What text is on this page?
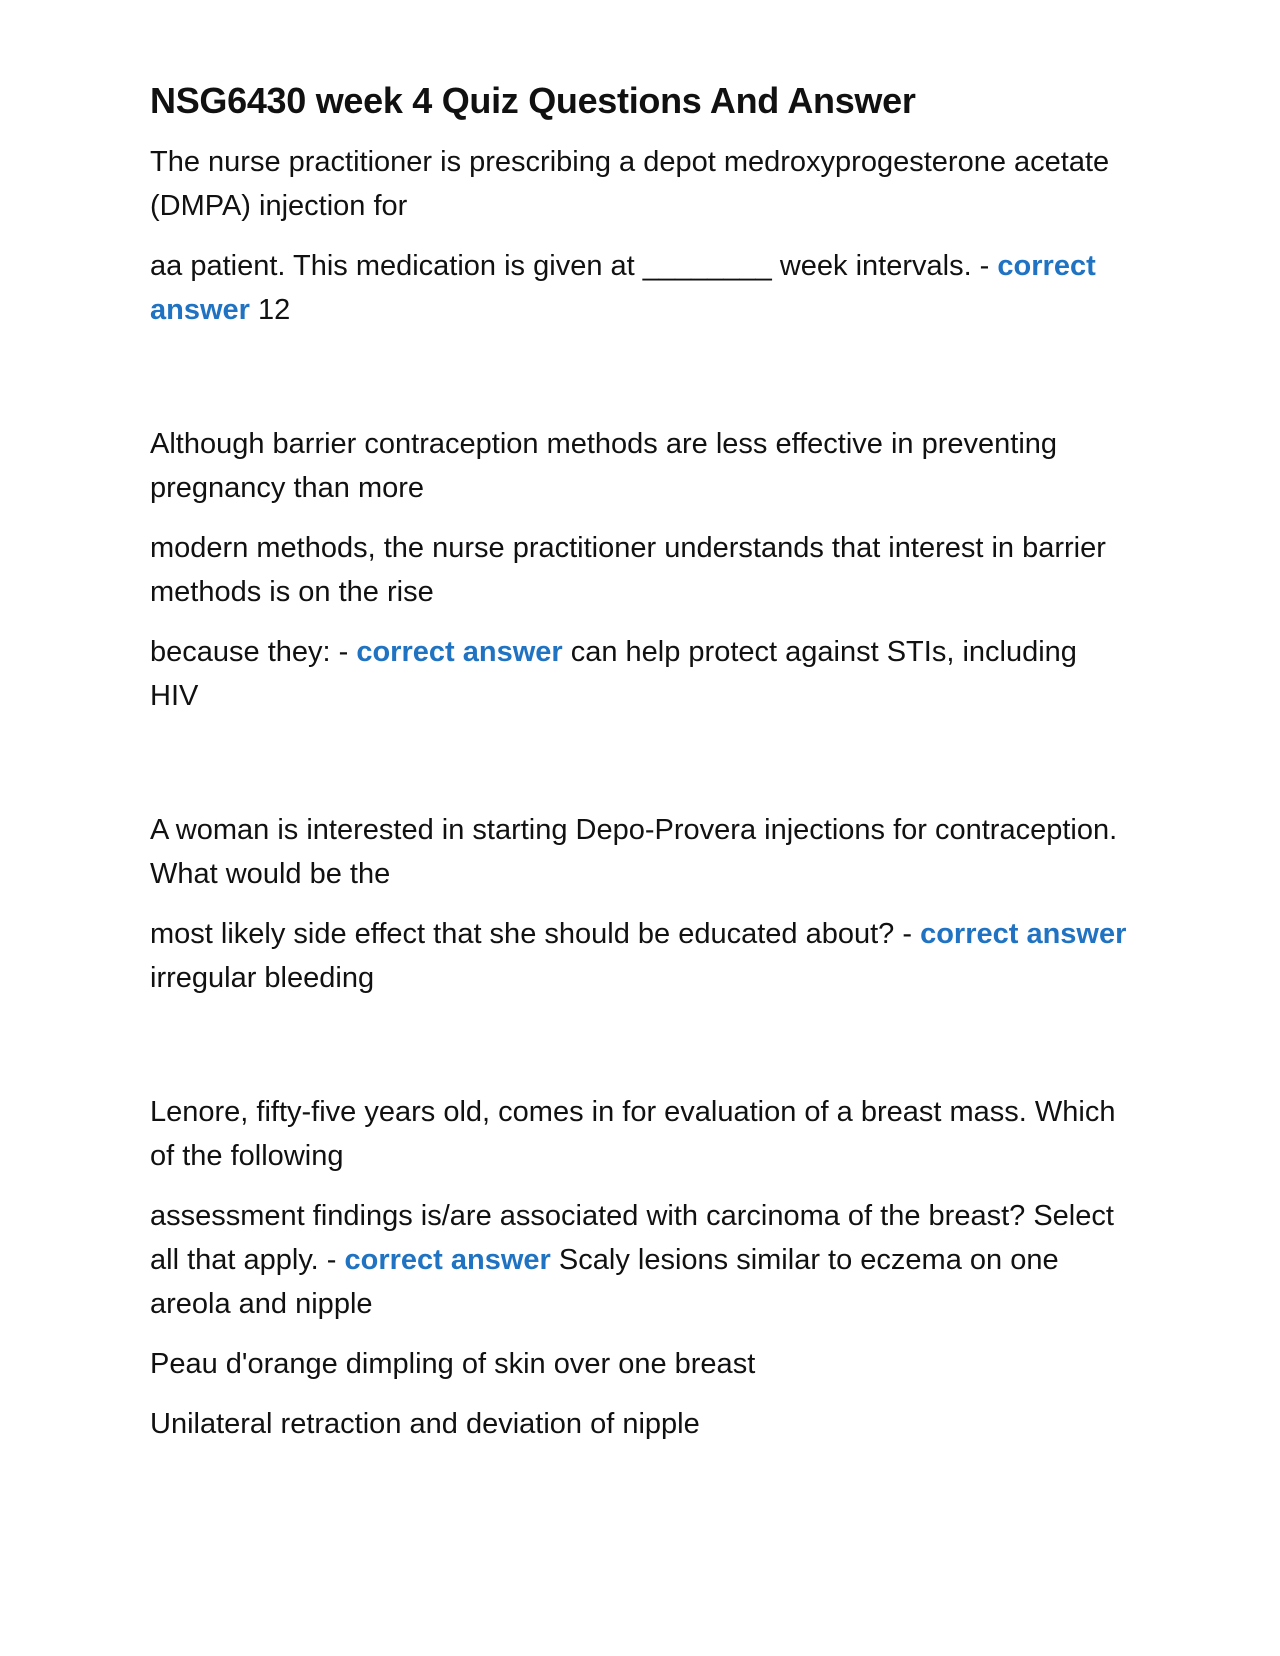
NSG6430 week 4 Quiz Questions And Answer

The nurse practitioner is prescribing a depot medroxyprogesterone acetate (DMPA) injection for

aa patient. This medication is given at ________ week intervals. - correct answer 12

Although barrier contraception methods are less effective in preventing pregnancy than more

modern methods, the nurse practitioner understands that interest in barrier methods is on the rise

because they: - correct answer can help protect against STIs, including HIV

A woman is interested in starting Depo-Provera injections for contraception. What would be the

most likely side effect that she should be educated about? - correct answer irregular bleeding

Lenore, fifty-five years old, comes in for evaluation of a breast mass. Which of the following

assessment findings is/are associated with carcinoma of the breast? Select all that apply. - correct answer Scaly lesions similar to eczema on one areola and nipple

Peau d'orange dimpling of skin over one breast

Unilateral retraction and deviation of nipple
